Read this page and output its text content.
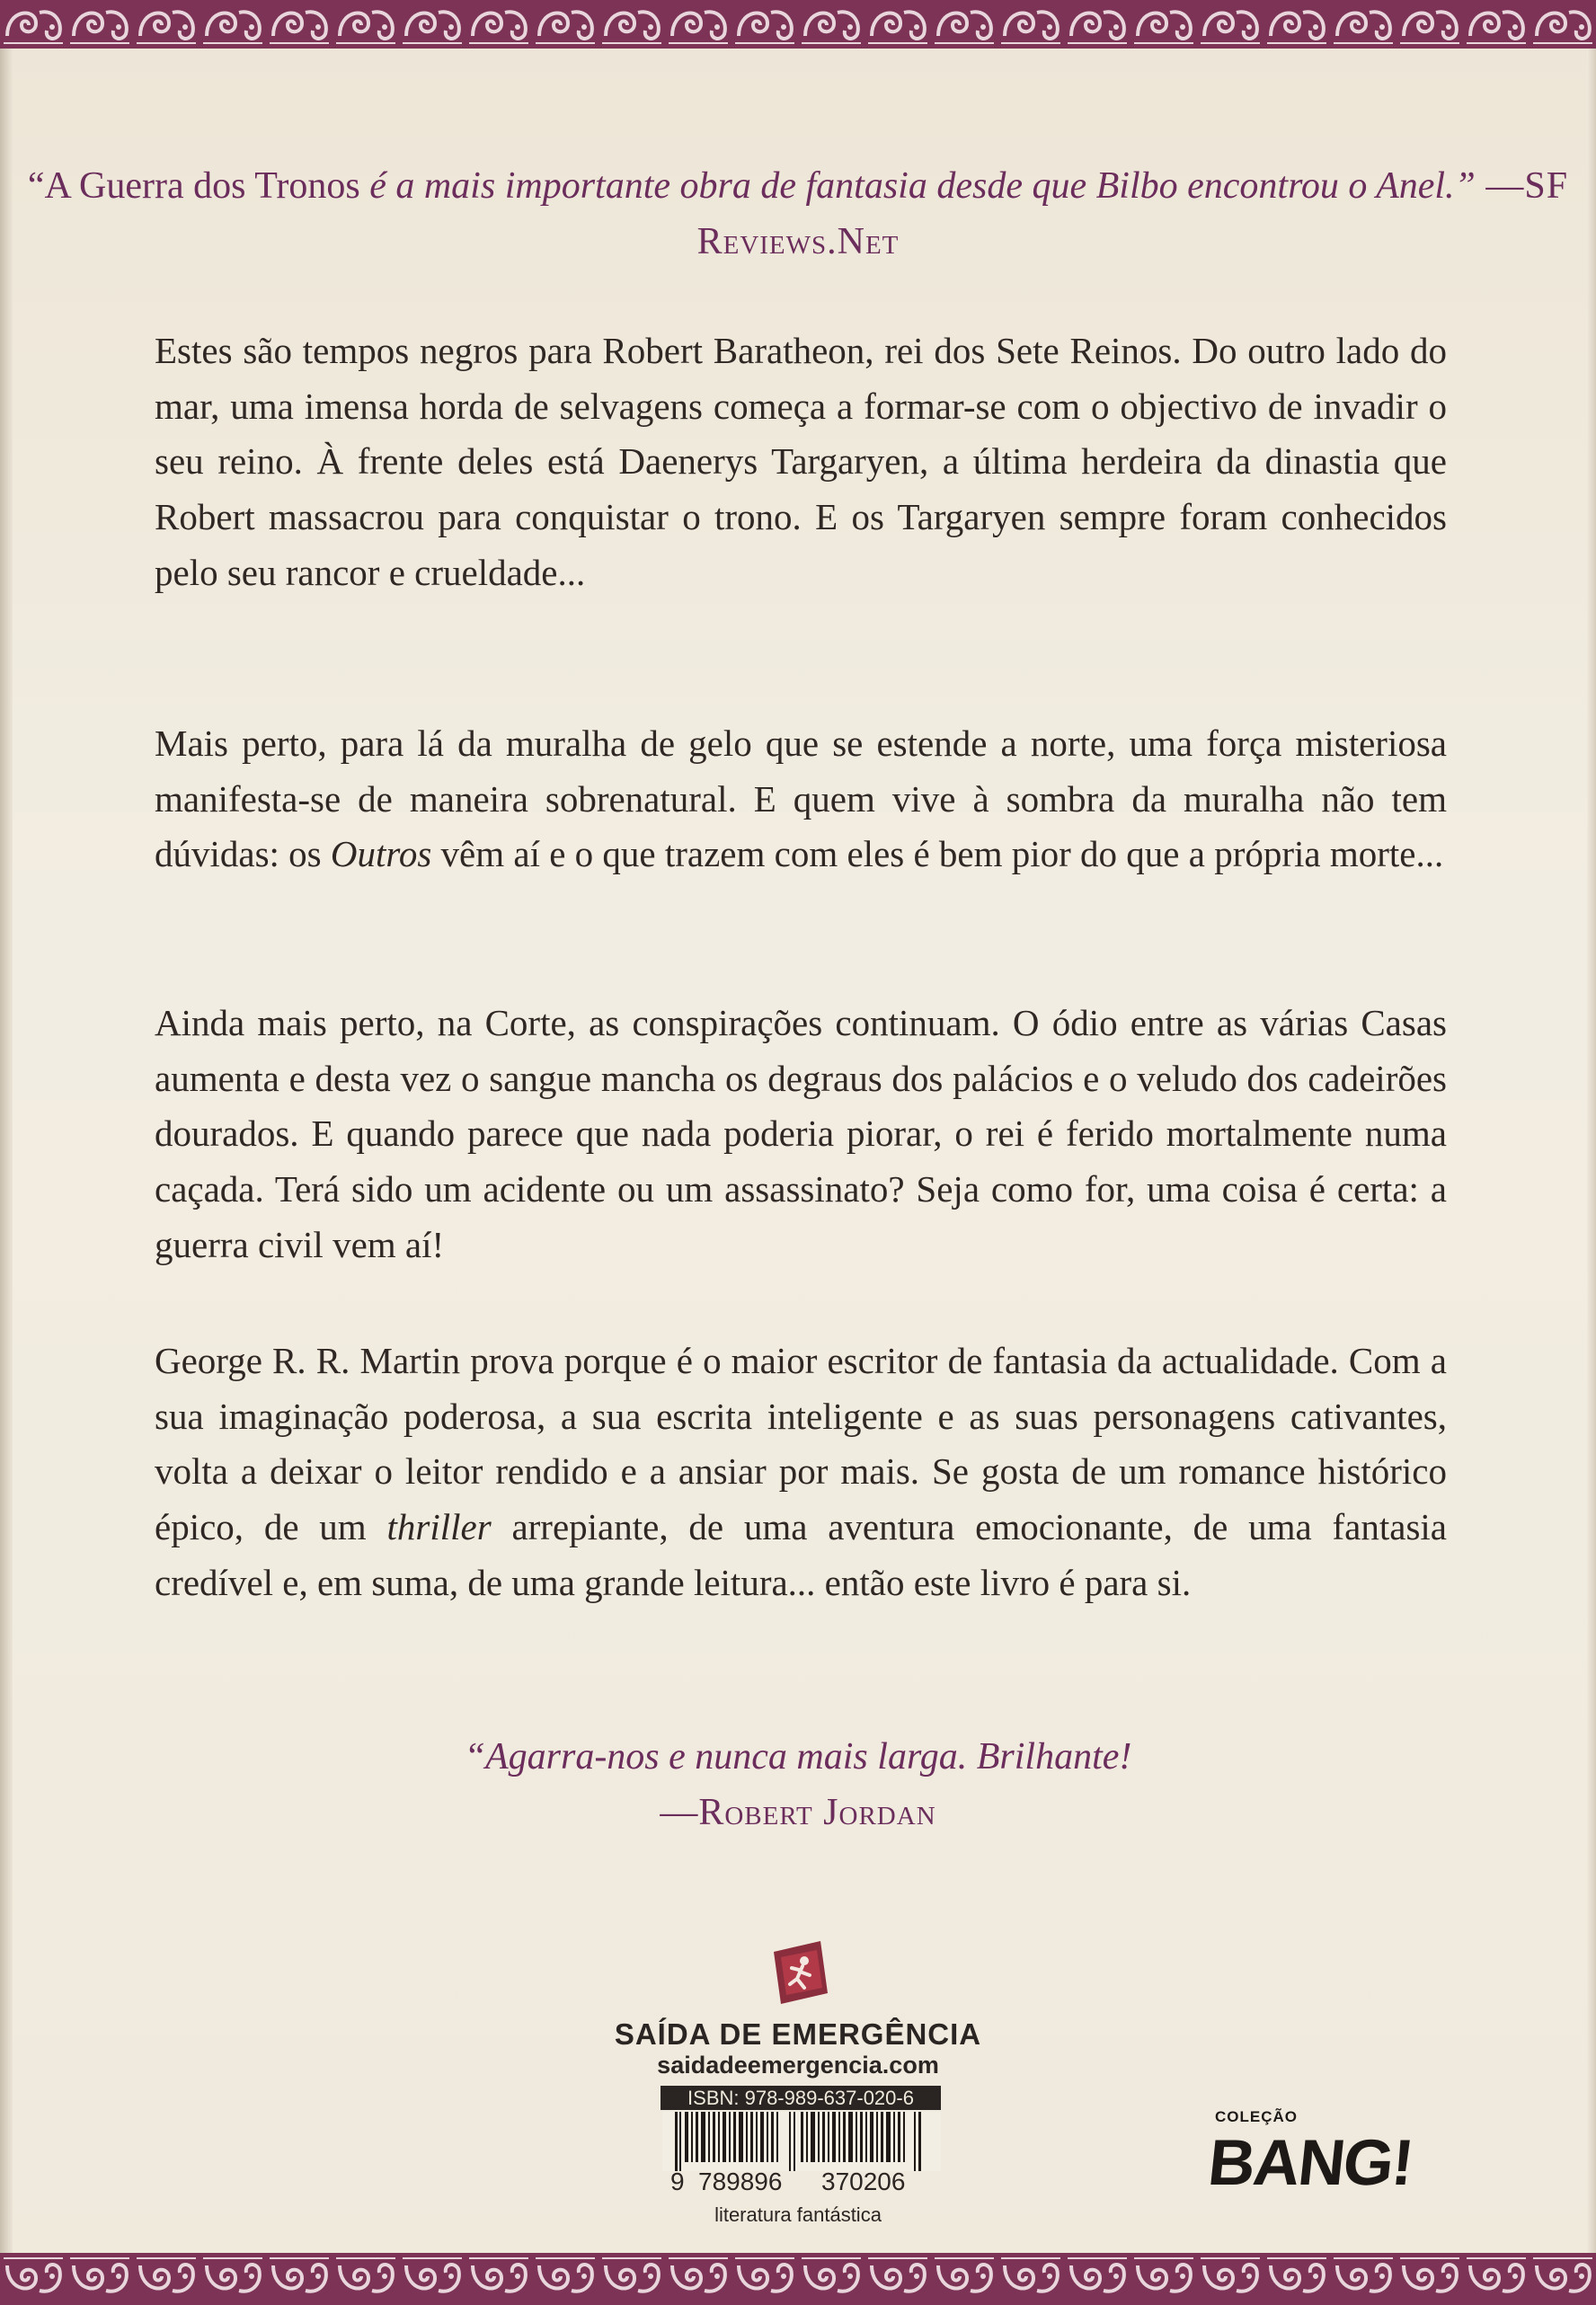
“A Guerra dos Tronos é a mais importante obra de fantasia desde que Bilbo encontrou o Anel.” —SF Reviews.Net

Estes são tempos negros para Robert Baratheon, rei dos Sete Reinos. Do outro lado do mar, uma imensa horda de selvagens começa a formar-se com o objectivo de invadir o seu reino. À frente deles está Daenerys Targaryen, a última herdeira da dinastia que Robert massacrou para conquistar o trono. E os Targaryen sempre foram conhecidos pelo seu rancor e crueldade...

Mais perto, para lá da muralha de gelo que se estende a norte, uma força misteriosa manifesta-se de maneira sobrenatural. E quem vive à sombra da muralha não tem dúvidas: os Outros vêm aí e o que trazem com eles é bem pior do que a própria morte...

Ainda mais perto, na Corte, as conspirações continuam. O ódio entre as várias Casas aumenta e desta vez o sangue mancha os degraus dos palácios e o veludo dos cadeirões dourados. E quando parece que nada poderia piorar, o rei é ferido mortalmente numa caçada. Terá sido um acidente ou um assassinato? Seja como for, uma coisa é certa: a guerra civil vem aí!

George R. R. Martin prova porque é o maior escritor de fantasia da actualidade. Com a sua imaginação poderosa, a sua escrita inteligente e as suas personagens cativantes, volta a deixar o leitor rendido e a ansiar por mais. Se gosta de um romance histórico épico, de um thriller arrepiante, de uma aventura emocionante, de uma fantasia credível e, em suma, de uma grande leitura... então este livro é para si.

“Agarra-nos e nunca mais larga. Brilhante!
—Robert Jordan
SAÍDA DE EMERGÊNCIA
saidadeemergencia.com
ISBN: 978-989-637-020-6
9 789896 370206
literatura fantástica
COLEÇÃO
BANG!
